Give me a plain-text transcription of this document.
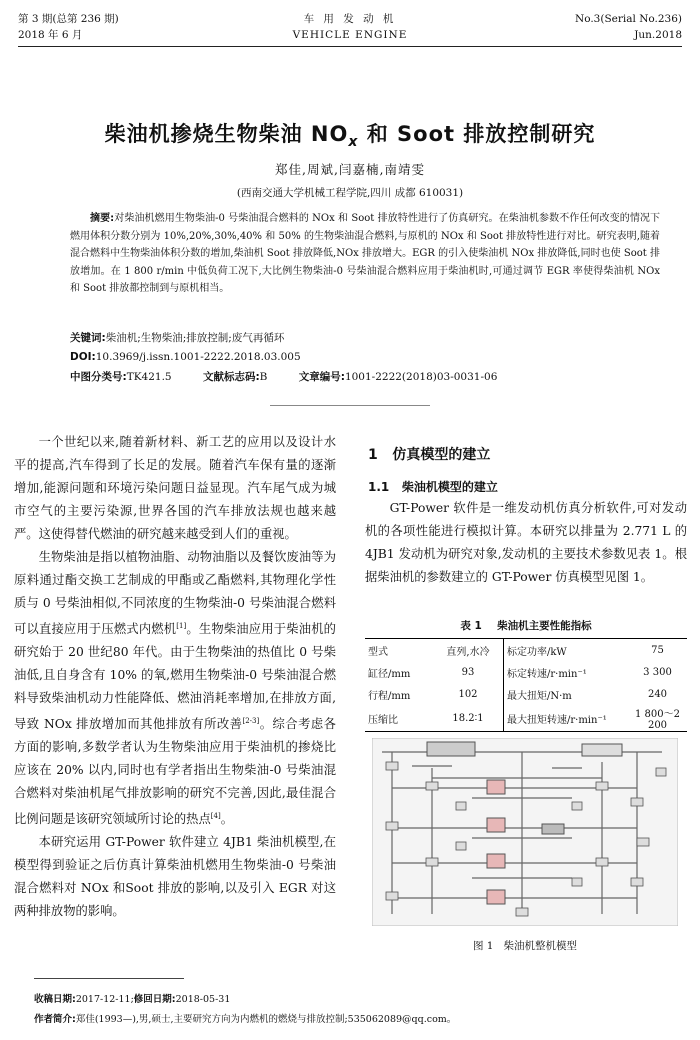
第 3 期(总第 236 期)
2018 年 6 月
车 用 发 动 机
VEHICLE ENGINE
No.3(Serial No.236)
Jun.2018
柴油机掺烧生物柴油 $NO_x$ 和 Soot 排放控制研究
郑佳,周斌,闫嘉楠,南靖雯
(西南交通大学机械工程学院,四川 成都 610031)
摘要:对柴油机燃用生物柴油-0 号柴油混合燃料的 NOx 和 Soot 排放特性进行了仿真研究。在柴油机参数不作任何改变的情况下燃用体积分数分别为 10%,20%,30%,40% 和 50% 的生物柴油混合燃料,与原机的 NOx 和 Soot 排放特性进行对比。研究表明,随着混合燃料中生物柴油体积分数的增加,柴油机 Soot 排放降低,NOx 排放增大。EGR 的引入使柴油机 NOx 排放降低,同时也使 Soot 排放增加。在 1 800 r/min 中低负荷工况下,大比例生物柴油-0 号柴油混合燃料应用于柴油机时,可通过调节 EGR 率使得柴油机 NOx 和 Soot 排放都控制到与原机相当。
关键词:柴油机;生物柴油;排放控制;废气再循环
DOI:10.3969/j.issn.1001-2222.2018.03.005
中图分类号:TK421.5	文献标志码:B	文章编号:1001-2222(2018)03-0031-06

一个世纪以来,随着新材料、新工艺的应用以及设计水平的提高,汽车得到了长足的发展。随着汽车保有量的逐渐增加,能源问题和环境污染问题日益显现。汽车尾气成为城市空气的主要污染源,世界各国的汽车排放法规也越来越严。这使得替代燃油的研究越来越受到人们的重视。

生物柴油是指以植物油脂、动物油脂以及餐饮废油等为原料通过酯交换工艺制成的甲酯或乙酯燃料,其物理化学性质与 0 号柴油相似,不同浓度的生物柴油-0 号柴油混合燃料可以直接应用于压燃式内燃机[1]。生物柴油应用于柴油机的研究始于 20 世纪80 年代。由于生物柴油的热值比 0 号柴油低,且自身含有 10% 的氧,燃用生物柴油-0 号柴油混合燃料导致柴油机动力性能降低、燃油消耗率增加,在排放方面,导致 NOx 排放增加而其他排放有所改善[2-3]。综合考虑各方面的影响,多数学者认为生物柴油应用于柴油机的掺烧比应该在 20% 以内,同时也有学者指出生物柴油-0 号柴油混合燃料对柴油机尾气排放影响的研究不完善,因此,最佳混合比例问题是该研究领域所讨论的热点[4]。

本研究运用 GT-Power 软件建立 4JB1 柴油机模型,在模型得到验证之后仿真计算柴油机燃用生物柴油-0 号柴油混合燃料对 NOx 和Soot 排放的影响,以及引入 EGR 对这两种排放物的影响。

1 仿真模型的建立
1.1 柴油机模型的建立

GT-Power 软件是一维发动机仿真分析软件,可对发动机的各项性能进行模拟计算。本研究以排量为 2.771 L 的 4JB1 发动机为研究对象,发动机的主要技术参数见表 1。根据柴油机的参数建立的 GT-Power 仿真模型见图 1。

表 1 柴油机主要性能指标
型式	直列,水冷	标定功率/kW	75
缸径/mm	93	标定转速/r·min⁻¹	3 300
行程/mm	102	最大扭矩/N·m	240
压缩比	18.2∶1	最大扭矩转速/r·min⁻¹	1 800～2 200
图 1 柴油机整机模型
收稿日期:2017-12-11;修回日期:2018-05-31
作者简介:郑佳(1993—),男,硕士,主要研究方向为内燃机的燃烧与排放控制;535062089@qq.com。
